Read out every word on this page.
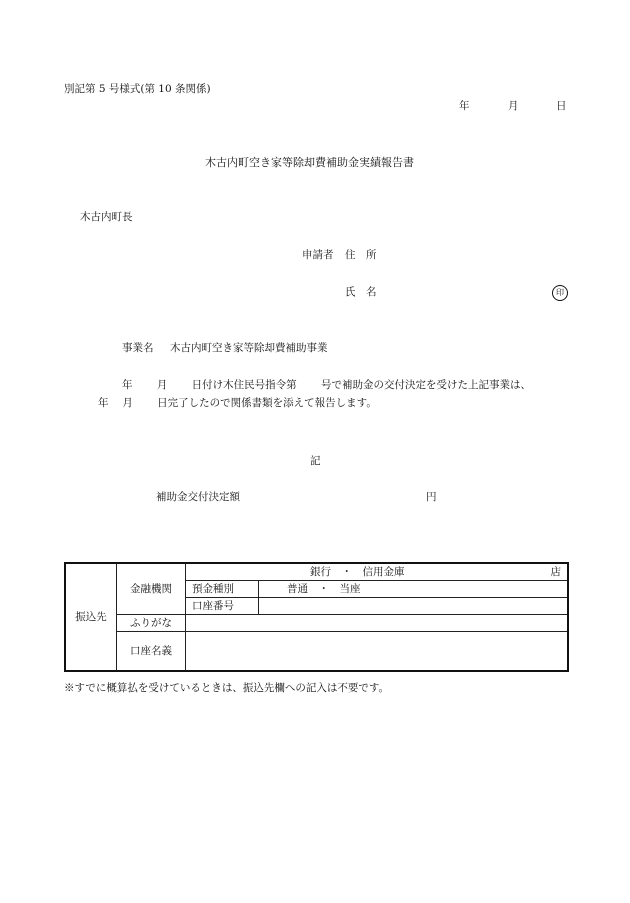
別記第 5 号様式(第 10 条関係)
年	月	日
木古内町空き家等除却費補助金実績報告書
木古内町長
申請者 住　所
氏　名	印
事業名 木古内町空き家等除却費補助事業
年　　 月　　 日付け木住民号指令第　　 号で補助金の交付決定を受けた上記事業は、
年　 月　　 日完了したので関係書類を添えて報告します。
記
補助金交付決定額	円
振込先	金融機関	銀行　・　信用金庫 店	

		預金種別	普通　・　当座
		口座番号	
	ふりがな		
	口座名義		
※すでに概算払を受けているときは、振込先欄への記入は不要です。
